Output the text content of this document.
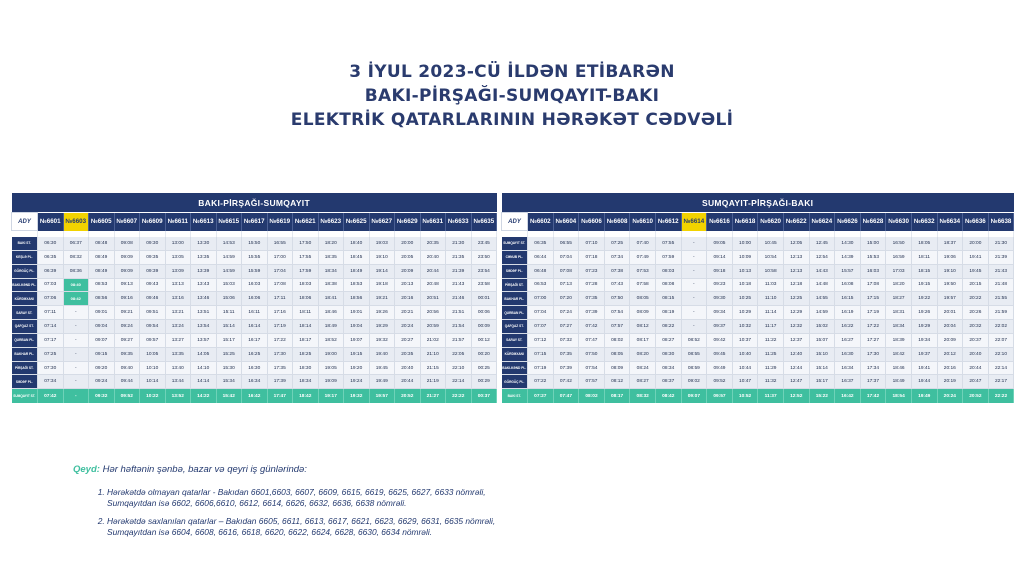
3 İYUL 2023-CÜ İLDƏN ETİBARƏN
BAKI-PİRŞAĞI-SUMQAYIT-BAKI
ELEKTRİK QATARLARININ HƏRƏKƏT CƏDVƏLİ
BAKI-PİRŞAĞI-SUMQAYIT																		
ADY	№6601	№6603	№6605	№6607	№6609	№6611	№6613	№6615	№6617	№6619	№6621	№6623	№6625	№6627	№6629	№6631	№6633	№6635

BAKI ST.	06:30	06:37	08:48	09:08	09:30	13:00	13:30	14:53	15:50	16:55	17:50	18:20	18:40	19:03	20:00	20:35	21:30	23:45
KEŞLƏ PL.	06:35	08:32	08:49	09:09	09:35	13:05	13:35	14:59	15:55	17:00	17:55	18:35	18:45	19:10	20:05	20:40	21:35	23:50
GÖRGÜÇ PL.	06:39	08:36	08:49	09:09	09:39	13:09	13:39	14:59	15:59	17:04	17:59	18:34	18:49	19:14	20:09	20:44	21:39	23:54
BAKI-KƏND PL.	07:03	08:40	08:53	09:13	09:43	13:13	13:43	15:03	16:03	17:08	18:03	18:38	18:53	19:18	20:13	20:48	21:43	23:58
KÜRDƏXANI	07:06	08:42	08:56	09:16	09:46	13:16	13:46	15:06	16:06	17:11	18:06	18:41	18:56	19:21	20:16	20:51	21:46	00:01
SARAY ST.	07:11	-	09:01	09:21	09:51	13:21	13:51	15:11	16:11	17:16	18:11	18:46	19:01	19:26	20:21	20:56	21:51	00:06
QAFQAZ ST.	07:14	-	09:04	09:24	09:54	13:24	13:54	15:14	16:14	17:19	18:14	18:49	19:04	19:29	20:24	20:59	21:54	00:09
QURBAN PL.	07:17	-	09:07	09:27	09:57	13:27	13:57	15:17	16:17	17:22	18:17	18:52	19:07	19:32	20:27	21:02	21:57	00:12
BAKHAR PL.	07:25	-	09:15	09:35	10:05	13:35	14:05	15:25	16:25	17:30	18:25	19:00	19:15	19:40	20:35	21:10	22:05	00:20
PİRŞAĞI ST.	07:30	-	09:20	09:40	10:10	13:40	14:10	15:30	16:30	17:35	18:30	19:05	19:20	19:45	20:40	21:15	22:10	00:25
SƏDƏF PL.	07:34	-	09:24	09:44	10:14	13:44	14:14	15:34	16:34	17:39	18:34	19:09	19:24	19:49	20:44	21:19	22:14	00:29
SUMQAYIT ST.	07:42	-	09:32	09:52	10:22	13:52	14:22	15:42	16:42	17:47	18:42	19:17	19:32	19:57	20:52	21:27	22:22	00:37
SUMQAYIT-PİRŞAĞI-BAKI																			
ADY	№6602	№6604	№6606	№6608	№6610	№6612	№6614	№6616	№6618	№6620	№6622	№6624	№6626	№6628	№6630	№6632	№6634	№6636	№6638

SUMQAYIT ST.	06:35	06:55	07:10	07:25	07:40	07:55	-	09:05	10:00	10:45	12:05	12:45	14:30	15:00	16:50	18:05	18:37	20:00	21:30
CƏNUB PL.	06:44	07:04	07:18	07:34	07:49	07:59	-	09:14	10:09	10:54	12:13	12:54	14:39	15:53	16:59	18:11	19:06	19:41	21:39
SƏDƏF PL.	06:48	07:08	07:23	07:38	07:53	08:03	-	09:18	10:13	10:58	12:13	14:43	15:57	16:03	17:03	18:15	19:10	19:45	21:43
PİRŞAĞI ST.	06:53	07:13	07:28	07:43	07:58	08:08	-	09:23	10:18	11:03	12:18	14:48	16:08	17:08	18:20	19:15	19:50	20:15	21:48
BAKHAR PL.	07:00	07:20	07:35	07:50	08:05	08:15	-	09:30	10:25	11:10	12:25	14:55	16:15	17:15	18:27	19:22	19:57	20:22	21:55
QURBAN PL.	07:04	07:24	07:39	07:54	08:09	08:19	-	09:34	10:29	11:14	12:29	14:59	16:19	17:19	18:31	19:26	20:01	20:26	21:59
QAFQAZ ST.	07:07	07:27	07:42	07:57	08:12	08:22	-	09:37	10:32	11:17	12:32	15:02	16:22	17:22	18:34	19:29	20:04	20:32	22:02
SARAY ST.	07:12	07:32	07:47	08:02	08:17	08:27	08:52	09:42	10:37	11:22	12:37	15:07	16:27	17:27	18:39	19:34	20:09	20:37	22:07
KÜRDƏXANI	07:15	07:35	07:50	08:05	08:20	08:30	08:55	09:45	10:40	11:25	12:40	15:10	16:30	17:30	18:42	19:37	20:12	20:40	22:10
BAKI-KƏND PL.	07:19	07:39	07:54	08:09	08:24	08:34	08:59	09:49	10:44	11:29	12:44	15:14	16:34	17:34	18:46	19:41	20:16	20:44	22:14
GÖRGÜÇ PL.	07:22	07:42	07:57	08:12	08:27	08:37	09:02	09:52	10:47	11:32	12:47	15:17	16:37	17:37	18:49	19:44	20:19	20:47	22:17
BAKI ST.	07:27	07:47	08:02	08:17	08:32	08:42	09:07	09:57	10:52	11:37	12:52	15:22	16:42	17:42	18:54	19:49	20:24	20:52	22:22
Qeyd: Hər həftənin şənbə, bazar və qeyri iş günlərində:
1. Hərəkətdə olmayan qatarlar - Bakıdan 6601,6603, 6607, 6609, 6615, 6619, 6625, 6627, 6633 nömrəli,
Sumqayıtdan isə 6602, 6606,6610, 6612, 6614, 6626, 6632, 6636, 6638 nömrəli.
2. Hərəkətdə saxlanılan qatarlar – Bakıdan 6605, 6611, 6613, 6617, 6621, 6623, 6629, 6631, 6635 nömrəli,
Sumqayıtdan isə 6604, 6608, 6616, 6618, 6620, 6622, 6624, 6628, 6630, 6634 nömrəli.
